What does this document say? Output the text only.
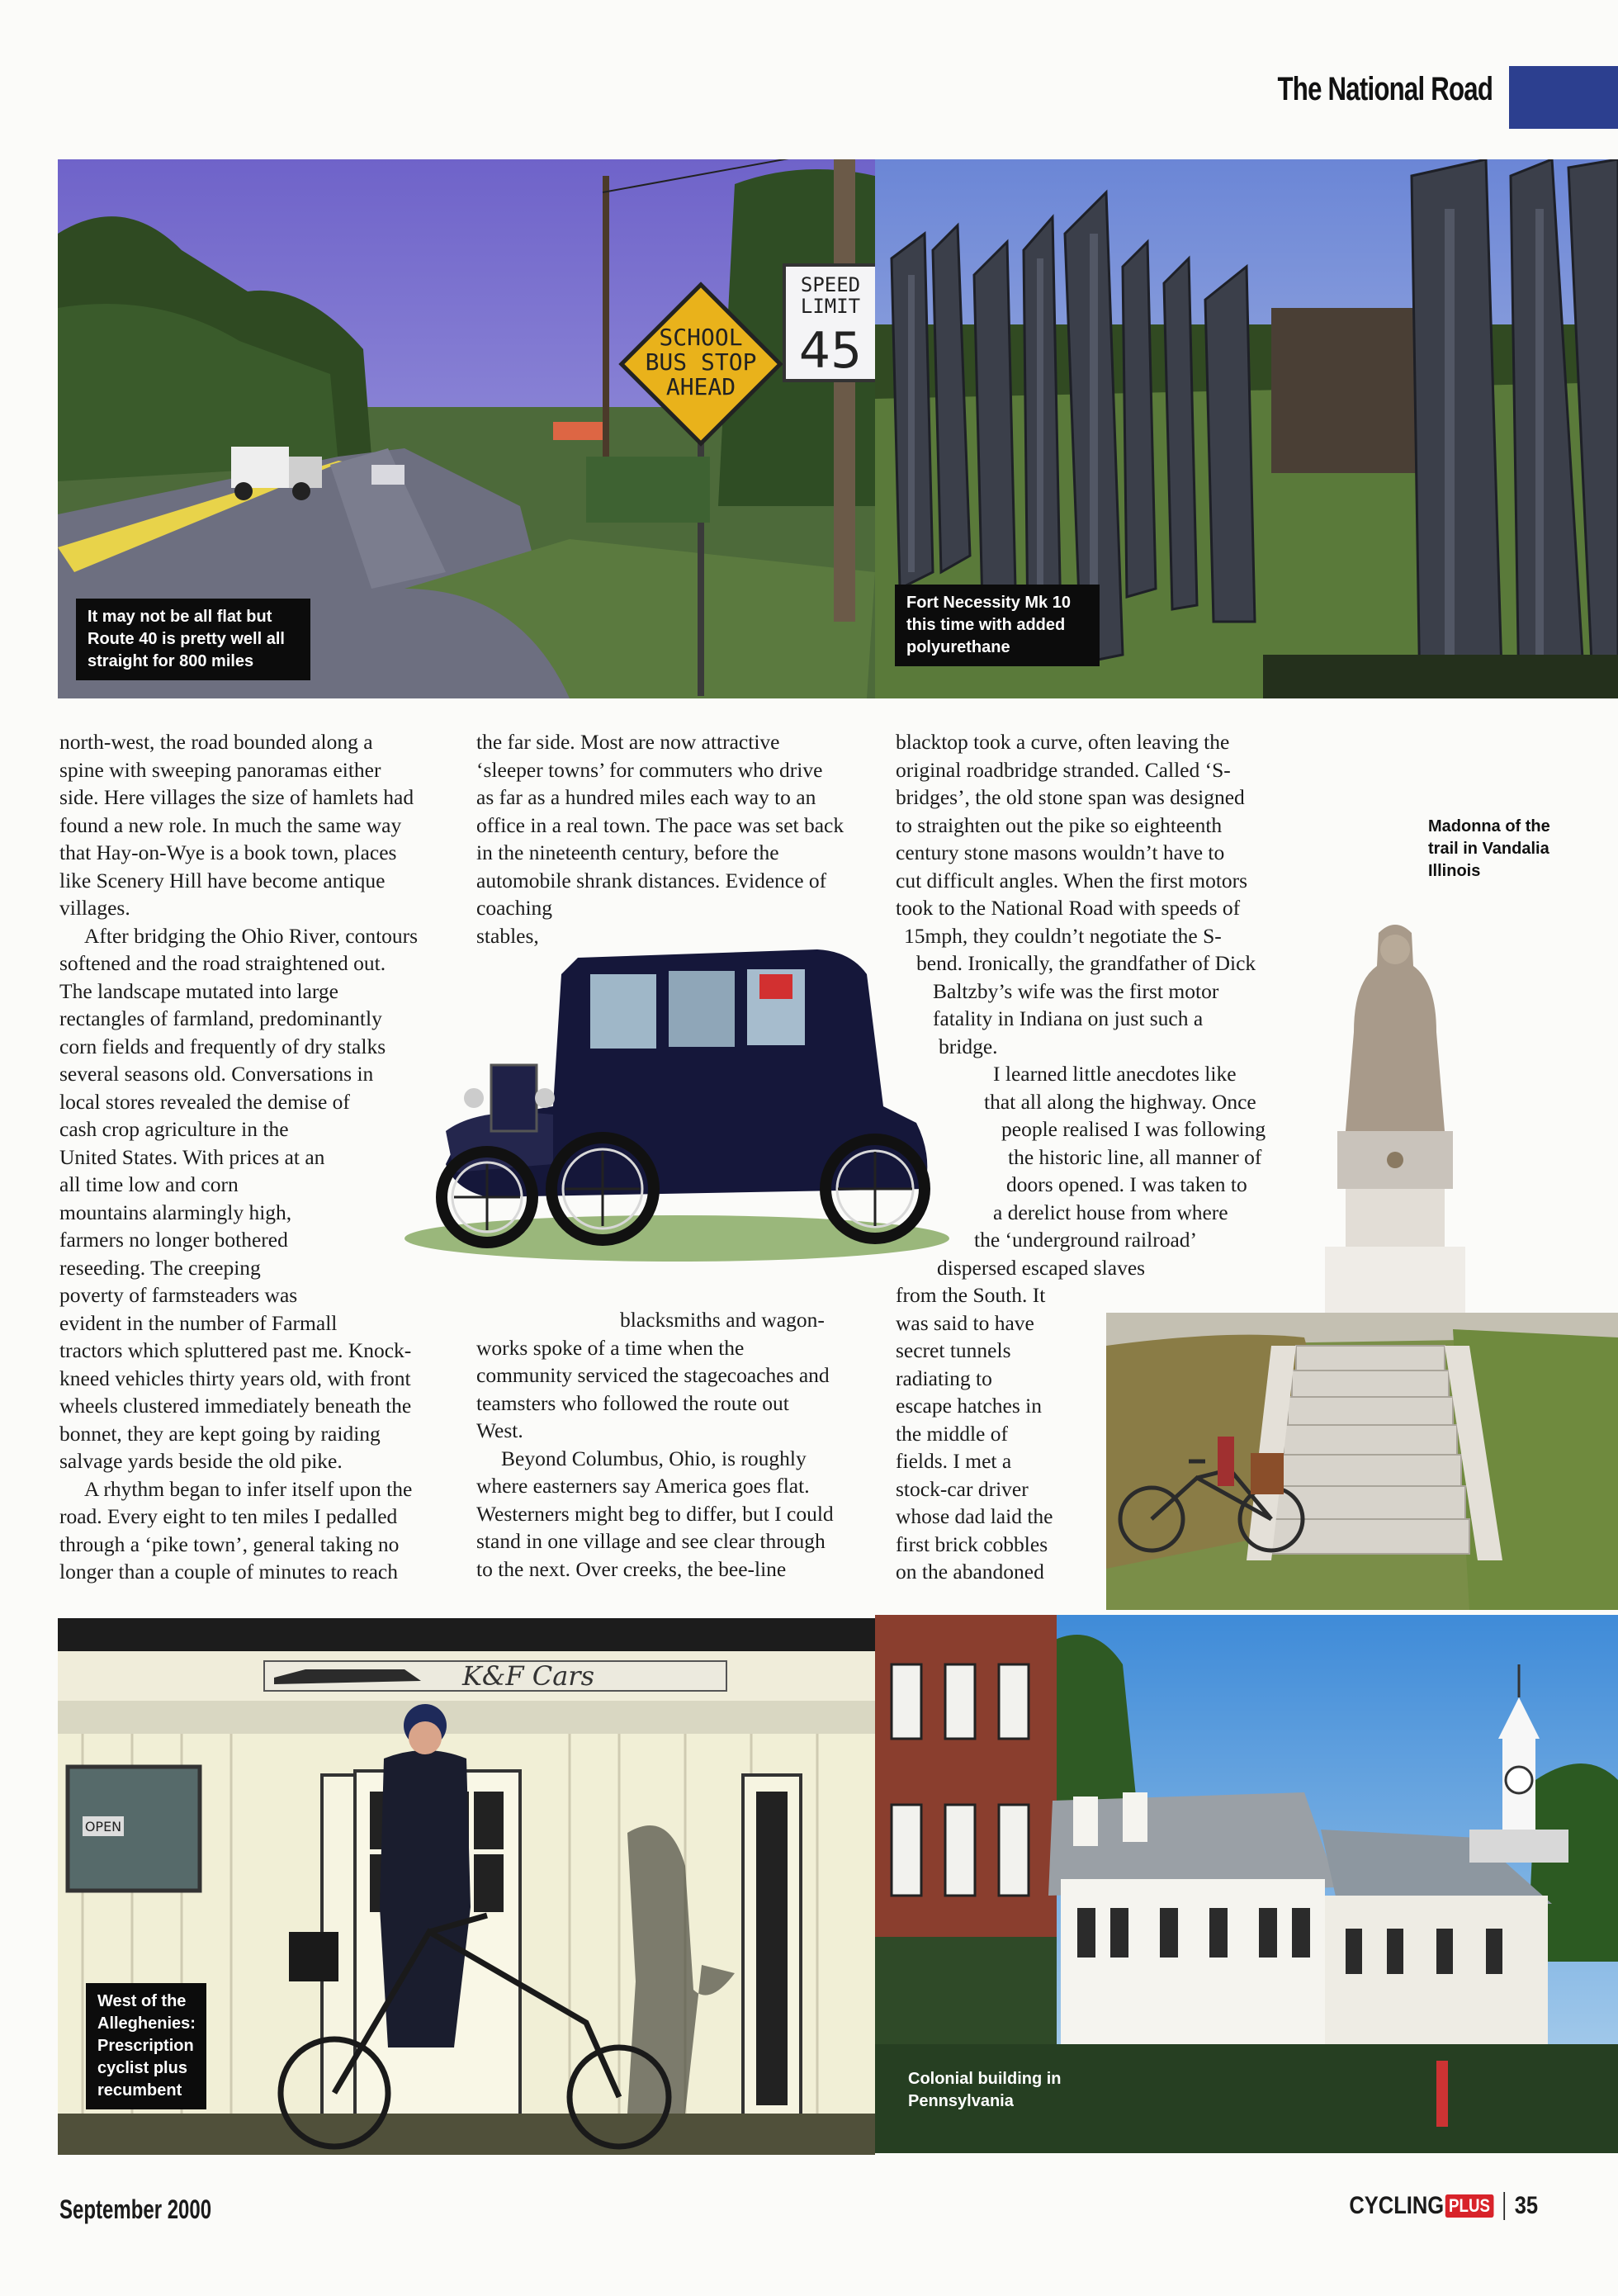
The National Road
SCHOOL
BUS STOP
AHEAD
SPEED
LIMIT
45
It may not be all flat but Route 40 is pretty well all straight for 800 miles
Fort Necessity Mk 10 this time with added polyurethane

north-west, the road bounded along a

spine with sweeping panoramas either

side. Here villages the size of hamlets had

found a new role. In much the same way

that Hay-on-Wye is a book town, places

like Scenery Hill have become antique

villages.

After bridging the Ohio River, contours

softened and the road straightened out.

The landscape mutated into large

rectangles of farmland, predominantly

corn fields and frequently of dry stalks

several seasons old. Conversations in

local stores revealed the demise of

cash crop agriculture in the

United States. With prices at an

all time low and corn

mountains alarmingly high,

farmers no longer bothered

reseeding. The creeping

poverty of farmsteaders was

evident in the number of Farmall

tractors which spluttered past me. Knock-

kneed vehicles thirty years old, with front

wheels clustered immediately beneath the

bonnet, they are kept going by raiding

salvage yards beside the old pike.

A rhythm began to infer itself upon the

road. Every eight to ten miles I pedalled

through a ‘pike town’, general taking no

longer than a couple of minutes to reach

the far side. Most are now attractive

‘sleeper towns’ for commuters who drive

as far as a hundred miles each way to an

office in a real town. The pace was set back

in the nineteenth century, before the

automobile shrank distances. Evidence of

coaching

stables,

blacksmiths and wagon-

works spoke of a time when the

community serviced the stagecoaches and

teamsters who followed the route out

West.

Beyond Columbus, Ohio, is roughly

where easterners say America goes flat.

Westerners might beg to differ, but I could

stand in one village and see clear through

to the next. Over creeks, the bee-line

Madonna of the trail in Vandalia Illinois

blacktop took a curve, often leaving the

original roadbridge stranded. Called ‘S-

bridges’, the old stone span was designed

to straighten out the pike so eighteenth

century stone masons wouldn’t have to

cut difficult angles. When the first motors

took to the National Road with speeds of

15mph, they couldn’t negotiate the S-

bend. Ironically, the grandfather of Dick

Baltzby’s wife was the first motor

fatality in Indiana on just such a

bridge.

I learned little anecdotes like

that all along the highway. Once

people realised I was following

the historic line, all manner of

doors opened. I was taken to

a derelict house from where

the ‘underground railroad’

dispersed escaped slaves

from the South. It

was said to have

secret tunnels

radiating to

escape hatches in

the middle of

fields. I met a

stock-car driver

whose dad laid the

first brick cobbles

on the abandoned

K&F Cars
OPEN
West of the Alleghenies: Prescription cyclist plus recumbent
Colonial building in Pennsylvania
September 2000	CYCLING PLUS 35
